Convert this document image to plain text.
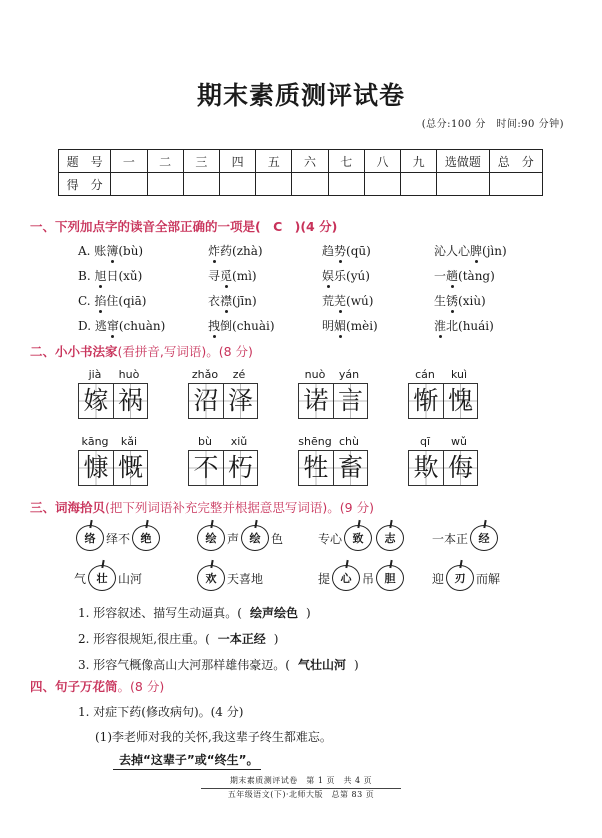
期末素质测评试卷
(总分:100 分　时间:90 分钟)
题　号	一	二	三	四	五	六	七	八	九	选做题	总　分
得　分											
一、下列加点字的读音全部正确的一项是( C )(4 分)
A. 账簿(bù)	炸药(zhà)	趋势(qū)	沁人心脾(jìn)
B. 旭日(xǔ)	寻觅(mì)	娱乐(yú)	一趟(tàng)
C. 掐住(qiā)	衣襟(jīn)	荒芜(wú)	生锈(xiù)
D. 逃窜(chuàn)	拽倒(chuài)	明媚(mèi)	淮北(huái)
二、小小书法家(看拼音,写词语)。(8 分)
jià	huò
嫁 祸
zhǎo	zé
沼 泽
nuò	yán
诺 言
cán	kuì
惭 愧
kāng	kǎi
慷 慨
bù	xiǔ
不 朽
shēng chù
牲 畜
qī	wǔ
欺 侮
三、词海拾贝(把下列词语补充完整并根据意思写词语)。(9 分)
络 绎不 绝	绘 声 绘 色	专心 致	志	一本正 经
气 壮 山河	欢 天喜地	提 心 吊 胆	迎 刃 而解
1. 形容叙述、描写生动逼真。( 绘声绘色 )
2. 形容很规矩,很庄重。( 一本正经 )
3. 形容气概像高山大河那样雄伟豪迈。( 气壮山河 )
四、句子万花筒。(8 分)
1. 对症下药(修改病句)。(4 分)
(1)李老师对我的关怀,我这辈子终生都难忘。
去掉“这辈子”或“终生”。
期末素质测评试卷　第 1 页　共 4 页
五年级语文(下)·北师大版　总第 83 页
